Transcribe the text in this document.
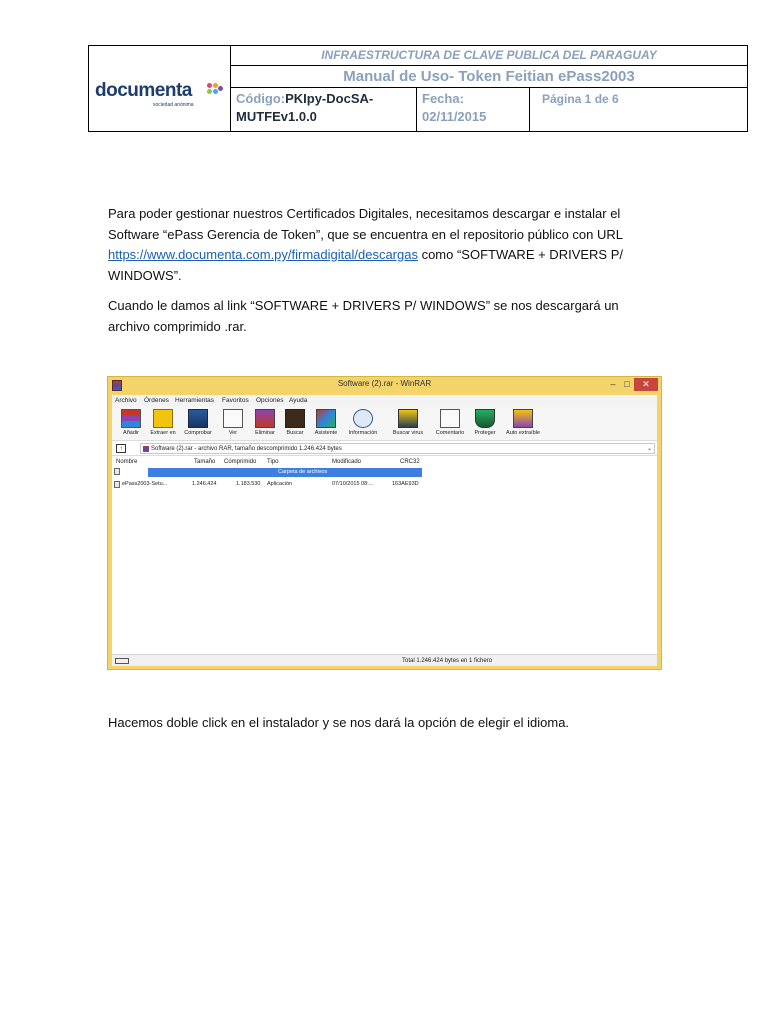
documenta
sociedad anónima
INFRAESTRUCTURA DE CLAVE PUBLICA DEL PARAGUAY
Manual de Uso- Token Feitian ePass2003
Código:PKIpy-DocSA-
MUTFEv1.0.0
Fecha:
02/11/2015
Página 1 de 6
Para poder gestionar nuestros Certificados Digitales, necesitamos descargar e instalar el
Software “ePass Gerencia de Token”, que se encuentra en el repositorio público con URL
https://www.documenta.com.py/firmadigital/descargas como “SOFTWARE + DRIVERS P/
WINDOWS”.
Cuando le damos al link “SOFTWARE + DRIVERS P/ WINDOWS” se nos descargará un
archivo comprimido .rar.
Hacemos doble click en el instalador y se nos dará la opción de elegir el idioma.
Software (2).rar - WinRAR	– □	✕
Archivo Órdenes Herramientas Favoritos Opciones Ayuda
Añadir	Extraer en	Comprobar	Ver	Eliminar	Buscar	Asistente	Información	Buscar virus	Comentario	Proteger	Auto extraíble
↑	Software (2).rar - archivo RAR, tamaño descomprimido 1.246.424 bytes	⌄
Nombre	Tamaño Comprimido Tipo	Modificado	CRC32
Carpeta de archivos
ePass2003-Setu...	1.246.424	1.183.530 Aplicación	07/10/2015 08:...	163AE93D
Total 1.246.424 bytes en 1 fichero
